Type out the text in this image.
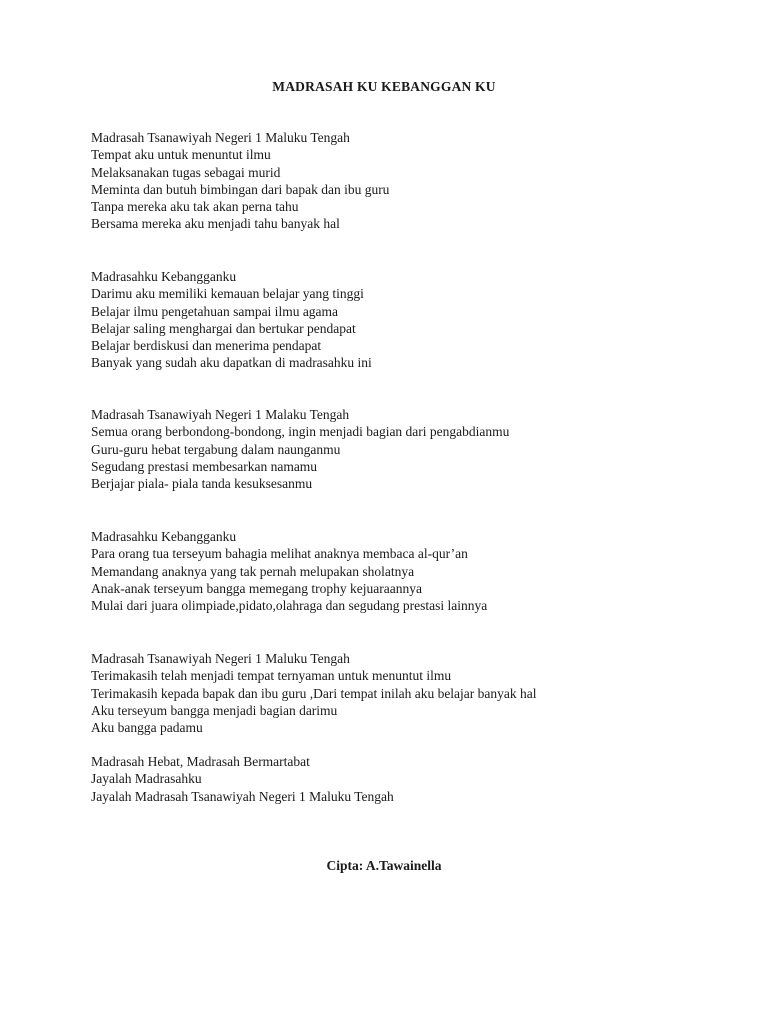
MADRASAH KU KEBANGGAN KU
Madrasah Tsanawiyah Negeri 1 Maluku Tengah
Tempat aku untuk menuntut ilmu
Melaksanakan tugas sebagai murid
Meminta dan butuh bimbingan dari bapak dan ibu guru
Tanpa mereka aku tak akan perna tahu
Bersama mereka aku menjadi tahu banyak hal
Madrasahku Kebangganku
Darimu aku memiliki kemauan belajar yang tinggi
Belajar ilmu pengetahuan sampai ilmu agama
Belajar saling menghargai dan bertukar pendapat
Belajar berdiskusi dan menerima pendapat
Banyak yang sudah aku dapatkan di madrasahku ini
Madrasah Tsanawiyah Negeri 1 Malaku Tengah
Semua orang berbondong-bondong, ingin menjadi bagian dari pengabdianmu
Guru-guru hebat tergabung dalam naunganmu
Segudang prestasi membesarkan namamu
Berjajar piala- piala tanda kesuksesanmu
Madrasahku Kebangganku
Para orang tua terseyum bahagia melihat anaknya membaca al-qur’an
Memandang anaknya yang tak pernah melupakan sholatnya
Anak-anak terseyum bangga memegang trophy kejuaraannya
Mulai dari juara olimpiade,pidato,olahraga dan segudang prestasi lainnya
Madrasah Tsanawiyah Negeri 1 Maluku Tengah
Terimakasih telah menjadi tempat ternyaman untuk menuntut ilmu
Terimakasih kepada bapak dan ibu guru ,Dari tempat inilah aku belajar banyak hal
Aku terseyum bangga menjadi bagian darimu
Aku bangga padamu
Madrasah Hebat, Madrasah Bermartabat
Jayalah Madrasahku
Jayalah Madrasah Tsanawiyah Negeri 1 Maluku Tengah
Cipta: A.Tawainella
